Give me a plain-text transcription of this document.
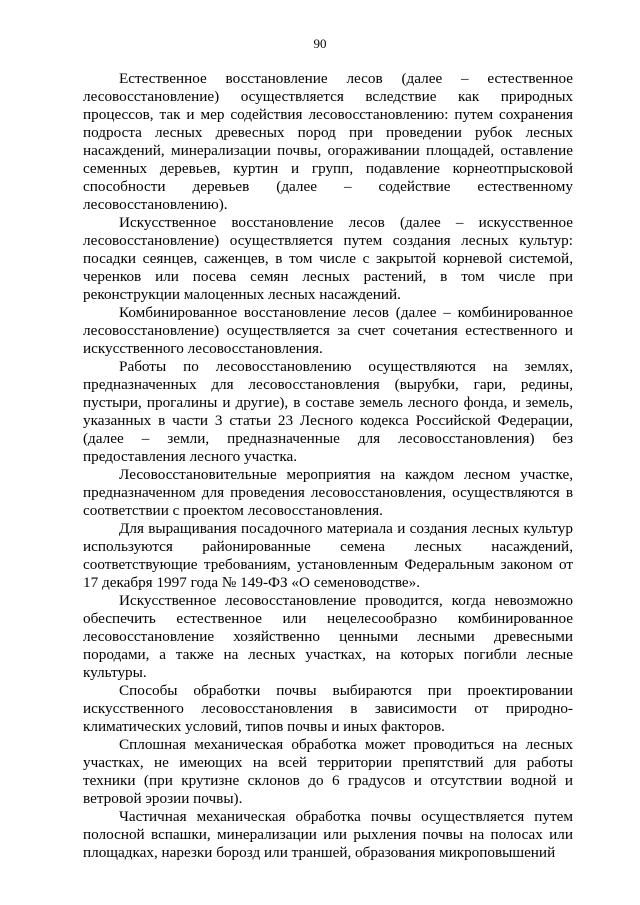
90

Естественное восстановление лесов (далее – естественное лесовосстановление) осуществляется вследствие как природных процессов, так и мер содействия лесовосстановлению: путем сохранения подроста лесных древесных пород при проведении рубок лесных насаждений, минерализации почвы, огораживании площадей, оставление семенных деревьев, куртин и групп, подавление корнеотпрысковой способности деревьев (далее – содействие естественному лесовосстановлению).

Искусственное восстановление лесов (далее – искусственное лесовосстановление) осуществляется путем создания лесных культур: посадки сеянцев, саженцев, в том числе с закрытой корневой системой, черенков или посева семян лесных растений, в том числе при реконструкции малоценных лесных насаждений.

Комбинированное восстановление лесов (далее – комбинированное лесовосстановление) осуществляется за счет сочетания естественного и искусственного лесовосстановления.

Работы по лесовосстановлению осуществляются на землях, предназначенных для лесовосстановления (вырубки, гари, редины, пустыри, прогалины и другие), в составе земель лесного фонда, и земель, указанных в части 3 статьи 23 Лесного кодекса Российской Федерации, (далее – земли, предназначенные для лесовосстановления) без предоставления лесного участка.

Лесовосстановительные мероприятия на каждом лесном участке, предназначенном для проведения лесовосстановления, осуществляются в соответствии с проектом лесовосстановления.

Для выращивания посадочного материала и создания лесных культур используются районированные семена лесных насаждений, соответствующие требованиям, установленным Федеральным законом от 17 декабря 1997 года № 149-ФЗ «О семеноводстве».

Искусственное лесовосстановление проводится, когда невозможно обеспечить естественное или нецелесообразно комбинированное лесовосстановление хозяйственно ценными лесными древесными породами, а также на лесных участках, на которых погибли лесные культуры.

Способы обработки почвы выбираются при проектировании искусственного лесовосстановления в зависимости от природно-климатических условий, типов почвы и иных факторов.

Сплошная механическая обработка может проводиться на лесных участках, не имеющих на всей территории препятствий для работы техники (при крутизне склонов до 6 градусов и отсутствии водной и ветровой эрозии почвы).

Частичная механическая обработка почвы осуществляется путем полосной вспашки, минерализации или рыхления почвы на полосах или площадках, нарезки борозд или траншей, образования микроповышений
